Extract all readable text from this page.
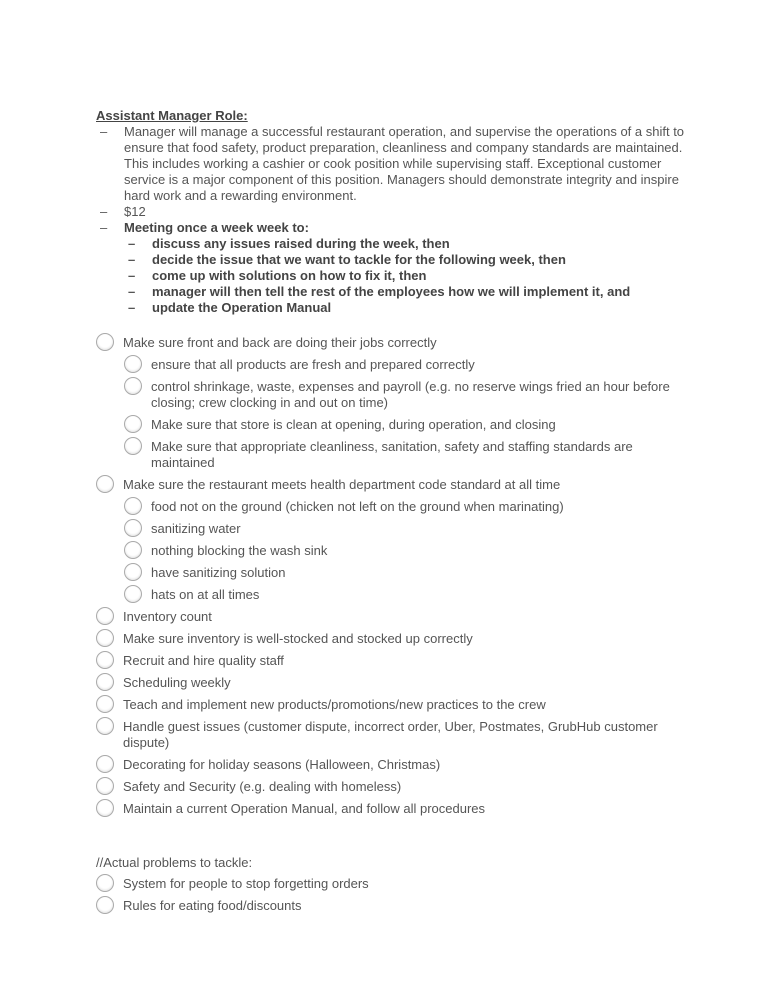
Assistant Manager Role:
– Manager will manage a successful restaurant operation, and supervise the operations of a shift to ensure that food safety, product preparation, cleanliness and company standards are maintained. This includes working a cashier or cook position while supervising staff. Exceptional customer service is a major component of this position. Managers should demonstrate integrity and inspire hard work and a rewarding environment.
– $12
– Meeting once a week week to:
– discuss any issues raised during the week, then
– decide the issue that we want to tackle for the following week, then
– come up with solutions on how to fix it, then
– manager will then tell the rest of the employees how we will implement it, and
– update the Operation Manual
Make sure front and back are doing their jobs correctly
ensure that all products are fresh and prepared correctly
control shrinkage, waste, expenses and payroll (e.g. no reserve wings fried an hour before closing; crew clocking in and out on time)
Make sure that store is clean at opening, during operation, and closing
Make sure that appropriate cleanliness, sanitation, safety and staffing standards are maintained
Make sure the restaurant meets health department code standard at all time
food not on the ground (chicken not left on the ground when marinating)
sanitizing water
nothing blocking the wash sink
have sanitizing solution
hats on at all times
Inventory count
Make sure inventory is well-stocked and stocked up correctly
Recruit and hire quality staff
Scheduling weekly
Teach and implement new products/promotions/new practices to the crew
Handle guest issues (customer dispute, incorrect order, Uber, Postmates, GrubHub customer dispute)
Decorating for holiday seasons (Halloween, Christmas)
Safety and Security (e.g. dealing with homeless)
Maintain a current Operation Manual, and follow all procedures
//Actual problems to tackle:
System for people to stop forgetting orders
Rules for eating food/discounts
